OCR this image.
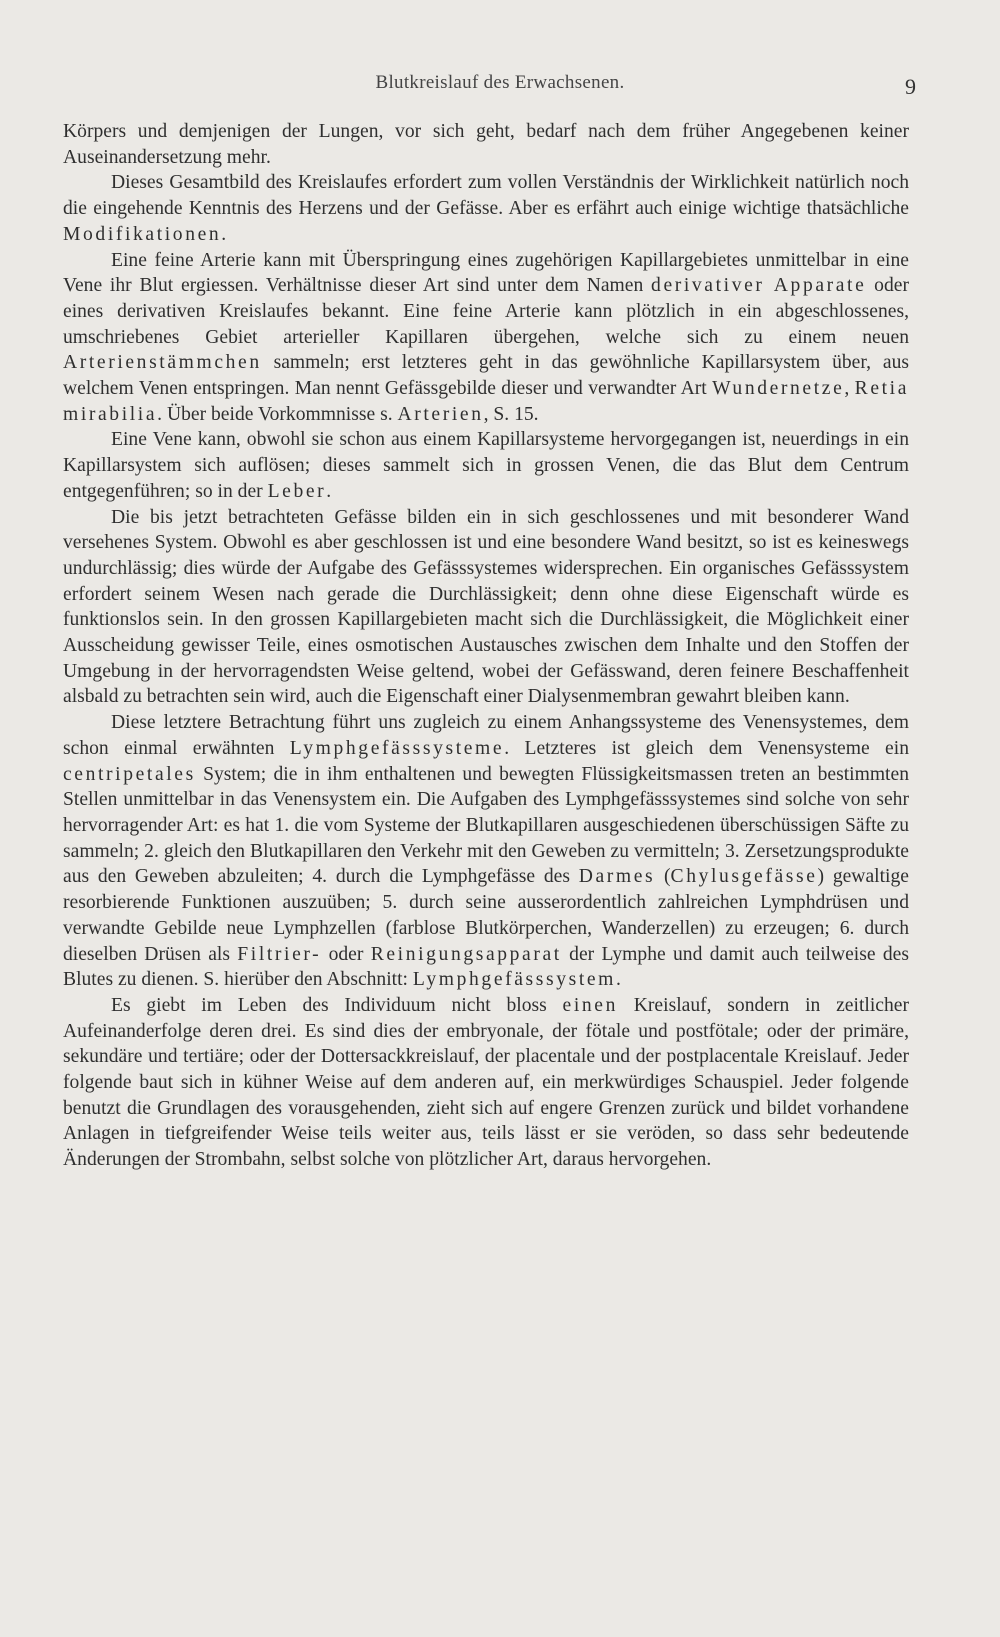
Blutkreislauf des Erwachsenen.	9

Körpers und demjenigen der Lungen, vor sich geht, bedarf nach dem früher Angegebenen keiner Auseinandersetzung mehr.

Dieses Gesamtbild des Kreislaufes erfordert zum vollen Verständnis der Wirklichkeit natürlich noch die eingehende Kenntnis des Herzens und der Gefässe. Aber es erfährt auch einige wichtige thatsächliche Modifikationen.

Eine feine Arterie kann mit Überspringung eines zugehörigen Kapillargebietes unmittelbar in eine Vene ihr Blut ergiessen. Verhältnisse dieser Art sind unter dem Namen derivativer Apparate oder eines derivativen Kreislaufes bekannt. Eine feine Arterie kann plötzlich in ein abgeschlossenes, umschriebenes Gebiet arterieller Kapillaren übergehen, welche sich zu einem neuen Arterienstämmchen sammeln; erst letzteres geht in das gewöhnliche Kapillarsystem über, aus welchem Venen entspringen. Man nennt Gefässgebilde dieser und verwandter Art Wundernetze, Retia mirabilia. Über beide Vorkommnisse s. Arterien, S. 15.

Eine Vene kann, obwohl sie schon aus einem Kapillarsysteme hervorgegangen ist, neuerdings in ein Kapillarsystem sich auflösen; dieses sammelt sich in grossen Venen, die das Blut dem Centrum entgegenführen; so in der Leber.

Die bis jetzt betrachteten Gefässe bilden ein in sich geschlossenes und mit besonderer Wand versehenes System. Obwohl es aber geschlossen ist und eine besondere Wand besitzt, so ist es keineswegs undurchlässig; dies würde der Aufgabe des Gefässsystemes widersprechen. Ein organisches Gefässsystem erfordert seinem Wesen nach gerade die Durchlässigkeit; denn ohne diese Eigenschaft würde es funktionslos sein. In den grossen Kapillargebieten macht sich die Durchlässigkeit, die Möglichkeit einer Ausscheidung gewisser Teile, eines osmotischen Austausches zwischen dem Inhalte und den Stoffen der Umgebung in der hervorragendsten Weise geltend, wobei der Gefässwand, deren feinere Beschaffenheit alsbald zu betrachten sein wird, auch die Eigenschaft einer Dialysenmembran gewahrt bleiben kann.

Diese letztere Betrachtung führt uns zugleich zu einem Anhangssysteme des Venensystemes, dem schon einmal erwähnten Lymphgefässsysteme. Letzteres ist gleich dem Venensysteme ein centripetales System; die in ihm enthaltenen und bewegten Flüssigkeitsmassen treten an bestimmten Stellen unmittelbar in das Venensystem ein. Die Aufgaben des Lymphgefässsystemes sind solche von sehr hervorragender Art: es hat 1. die vom Systeme der Blutkapillaren ausgeschiedenen überschüssigen Säfte zu sammeln; 2. gleich den Blutkapillaren den Verkehr mit den Geweben zu vermitteln; 3. Zersetzungsprodukte aus den Geweben abzuleiten; 4. durch die Lymphgefässe des Darmes (Chylusgefässe) gewaltige resorbierende Funktionen auszuüben; 5. durch seine ausserordentlich zahlreichen Lymphdrüsen und verwandte Gebilde neue Lymphzellen (farblose Blutkörperchen, Wanderzellen) zu erzeugen; 6. durch dieselben Drüsen als Filtrier- oder Reinigungsapparat der Lymphe und damit auch teilweise des Blutes zu dienen. S. hierüber den Abschnitt: Lymphgefässsystem.

Es giebt im Leben des Individuum nicht bloss einen Kreislauf, sondern in zeitlicher Aufeinanderfolge deren drei. Es sind dies der embryonale, der fötale und postfötale; oder der primäre, sekundäre und tertiäre; oder der Dottersackkreislauf, der placentale und der postplacentale Kreislauf. Jeder folgende baut sich in kühner Weise auf dem anderen auf, ein merkwürdiges Schauspiel. Jeder folgende benutzt die Grundlagen des vorausgehenden, zieht sich auf engere Grenzen zurück und bildet vorhandene Anlagen in tiefgreifender Weise teils weiter aus, teils lässt er sie veröden, so dass sehr bedeutende Änderungen der Strombahn, selbst solche von plötzlicher Art, daraus hervorgehen.
